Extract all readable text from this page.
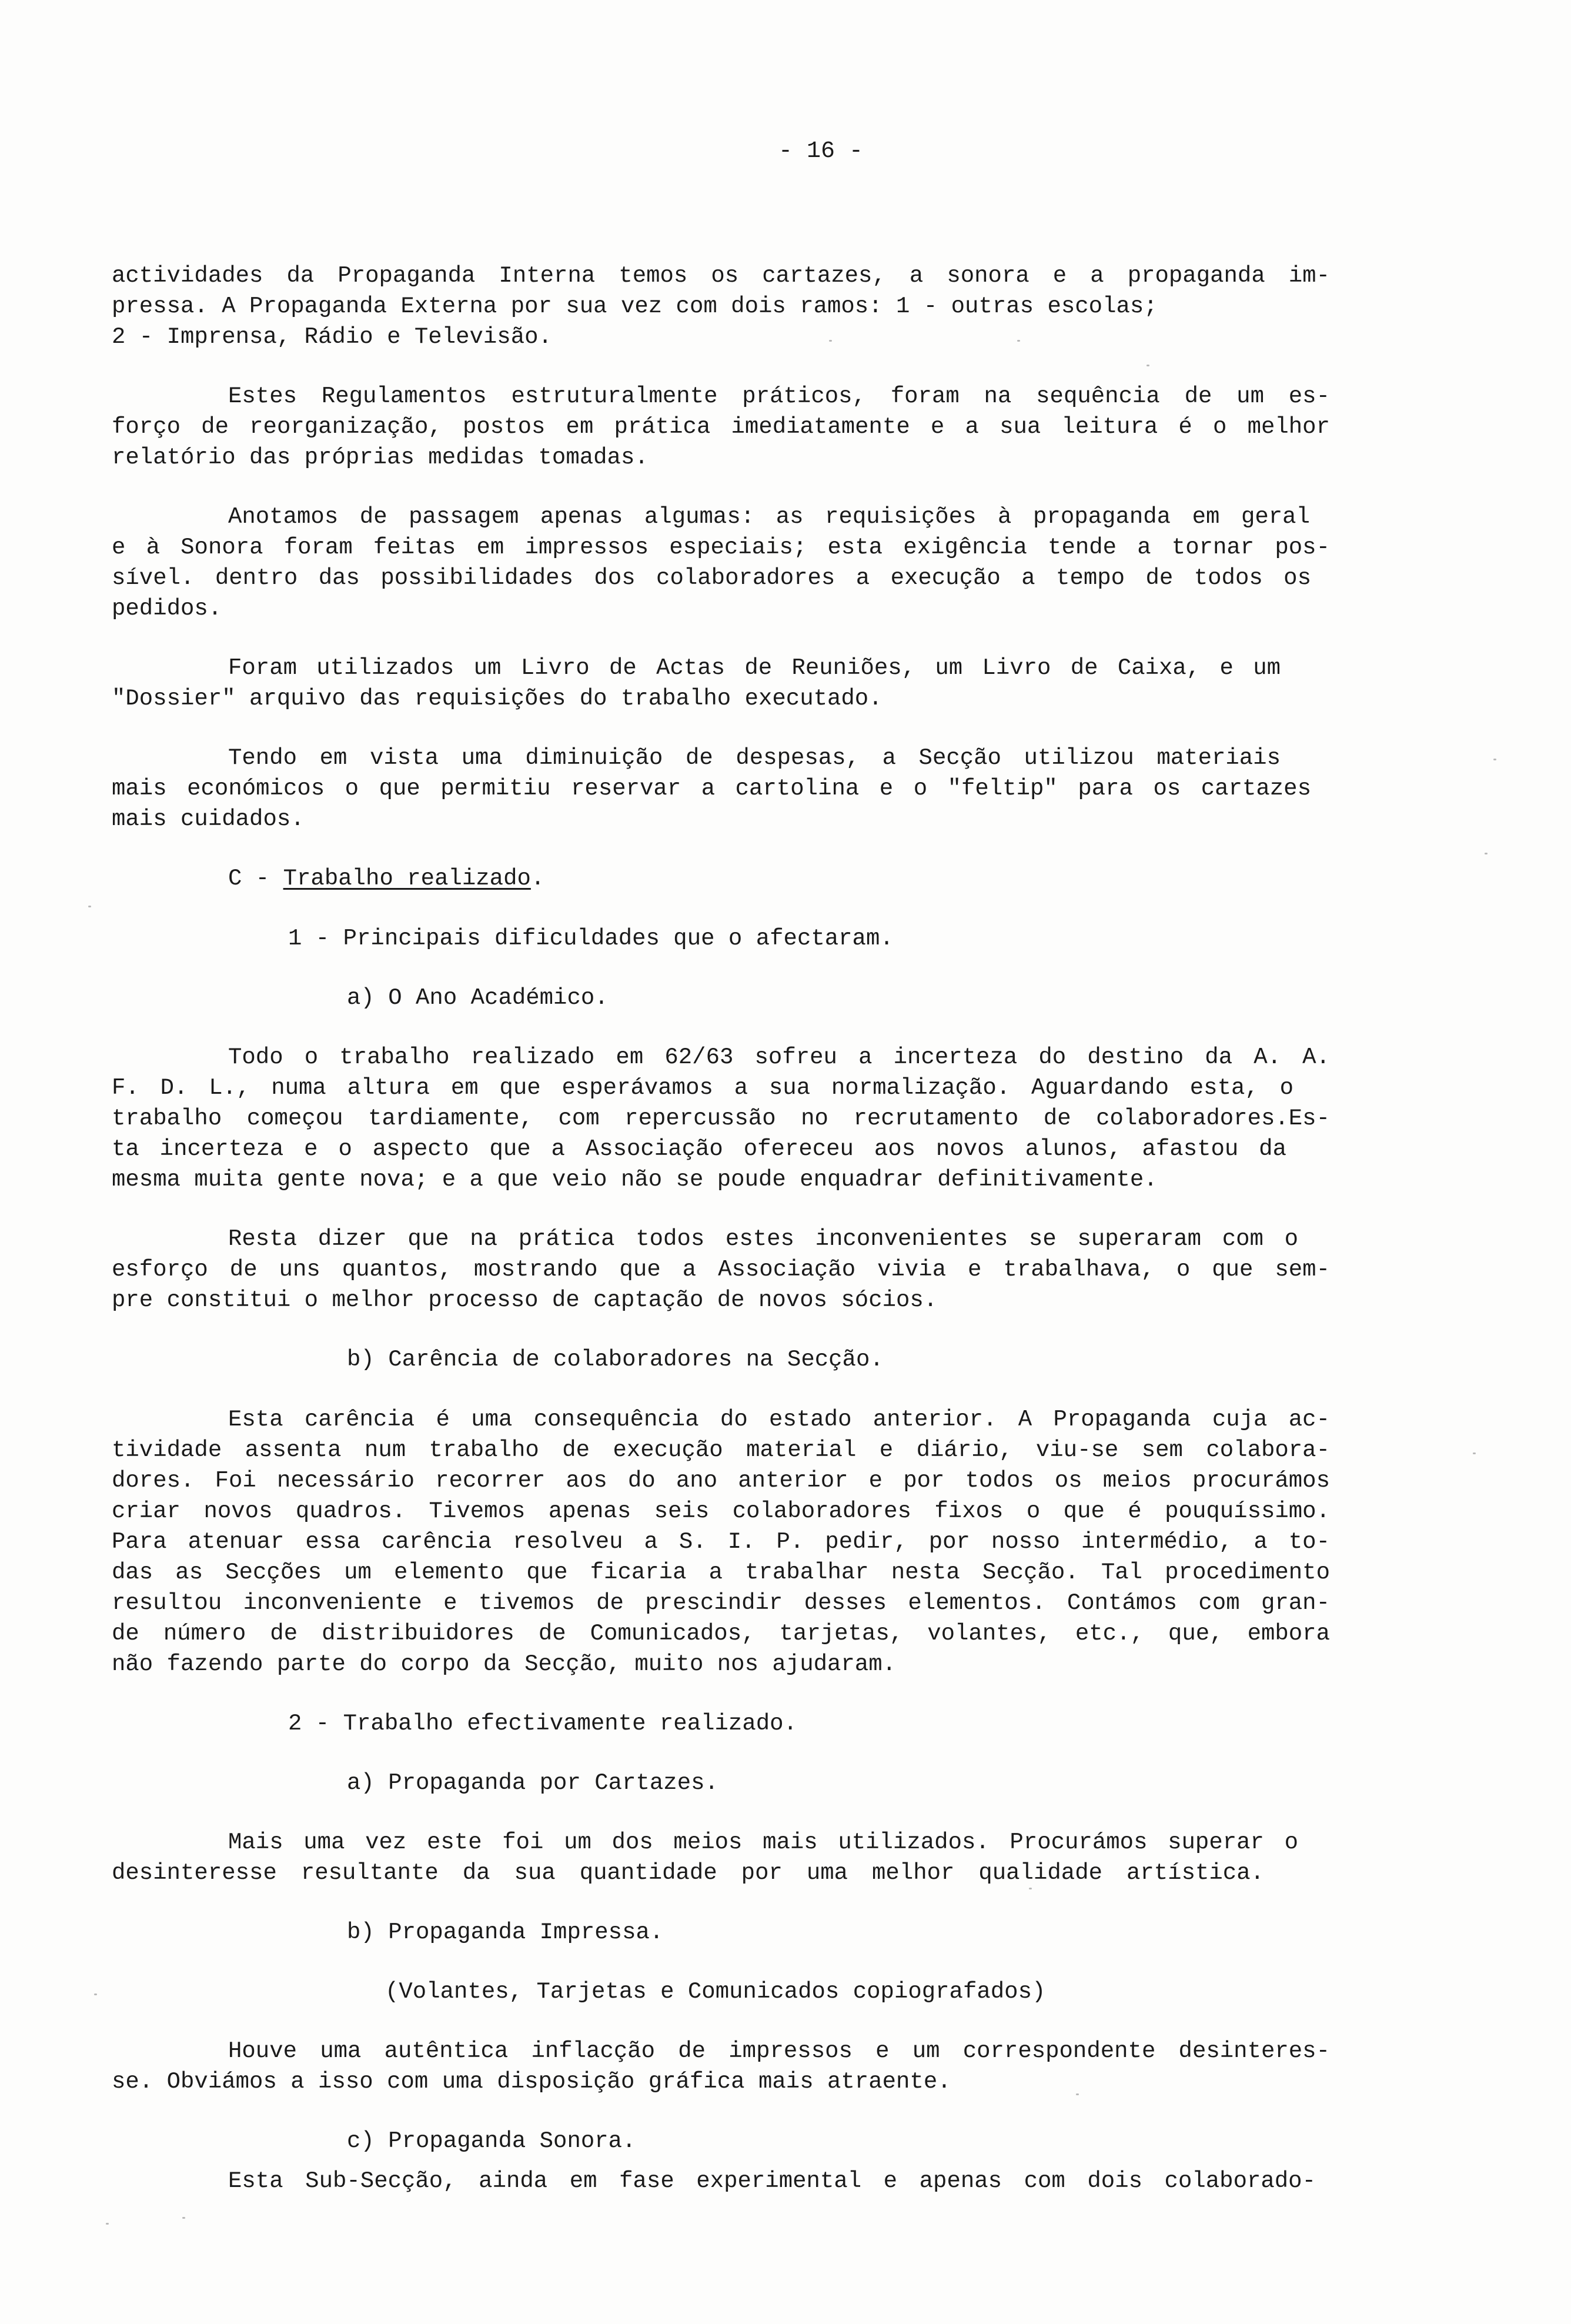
- 16 -
actividades da Propaganda Interna temos os cartazes, a sonora e a propaganda im-
pressa. A Propaganda Externa por sua vez com dois ramos: 1 - outras escolas;
2 - Imprensa, Rádio e Televisão.
Estes Regulamentos estruturalmente práticos, foram na sequência de um es-
forço de reorganização, postos em prática imediatamente e a sua leitura é o melhor
relatório das próprias medidas tomadas.
Anotamos de passagem apenas algumas: as requisições à propaganda em geral
e à Sonora foram feitas em impressos especiais; esta exigência tende a tornar pos-
sível. dentro das possibilidades dos colaboradores a execução a tempo de todos os
pedidos.
Foram utilizados um Livro de Actas de Reuniões, um Livro de Caixa, e um
"Dossier" arquivo das requisições do trabalho executado.
Tendo em vista uma diminuição de despesas, a Secção utilizou materiais
mais económicos o que permitiu reservar a cartolina e o "feltip" para os cartazes
mais cuidados.
C - Trabalho realizado.
1 - Principais dificuldades que o afectaram.
a) O Ano Académico.
Todo o trabalho realizado em 62/63 sofreu a incerteza do destino da A. A.
F. D. L., numa altura em que esperávamos a sua normalização. Aguardando esta, o
trabalho começou tardiamente, com repercussão no recrutamento de colaboradores.Es-
ta incerteza e o aspecto que a Associação ofereceu aos novos alunos, afastou da
mesma muita gente nova; e a que veio não se poude enquadrar definitivamente.
Resta dizer que na prática todos estes inconvenientes se superaram com o
esforço de uns quantos, mostrando que a Associação vivia e trabalhava, o que sem-
pre constitui o melhor processo de captação de novos sócios.
b) Carência de colaboradores na Secção.
Esta carência é uma consequência do estado anterior. A Propaganda cuja ac-
tividade assenta num trabalho de execução material e diário, viu-se sem colabora-
dores. Foi necessário recorrer aos do ano anterior e por todos os meios procurámos
criar novos quadros. Tivemos apenas seis colaboradores fixos o que é pouquíssimo.
Para atenuar essa carência resolveu a S. I. P. pedir, por nosso intermédio, a to-
das as Secções um elemento que ficaria a trabalhar nesta Secção. Tal procedimento
resultou inconveniente e tivemos de prescindir desses elementos. Contámos com gran-
de número de distribuidores de Comunicados, tarjetas, volantes, etc., que, embora
não fazendo parte do corpo da Secção, muito nos ajudaram.
2 - Trabalho efectivamente realizado.
a) Propaganda por Cartazes.
Mais uma vez este foi um dos meios mais utilizados. Procurámos superar o
desinteresse resultante da sua quantidade por uma melhor qualidade artística.
b) Propaganda Impressa.
(Volantes, Tarjetas e Comunicados copiografados)
Houve uma autêntica inflacção de impressos e um correspondente desinteres-
se. Obviámos a isso com uma disposição gráfica mais atraente.
c) Propaganda Sonora.
Esta Sub-Secção, ainda em fase experimental e apenas com dois colaborado-
